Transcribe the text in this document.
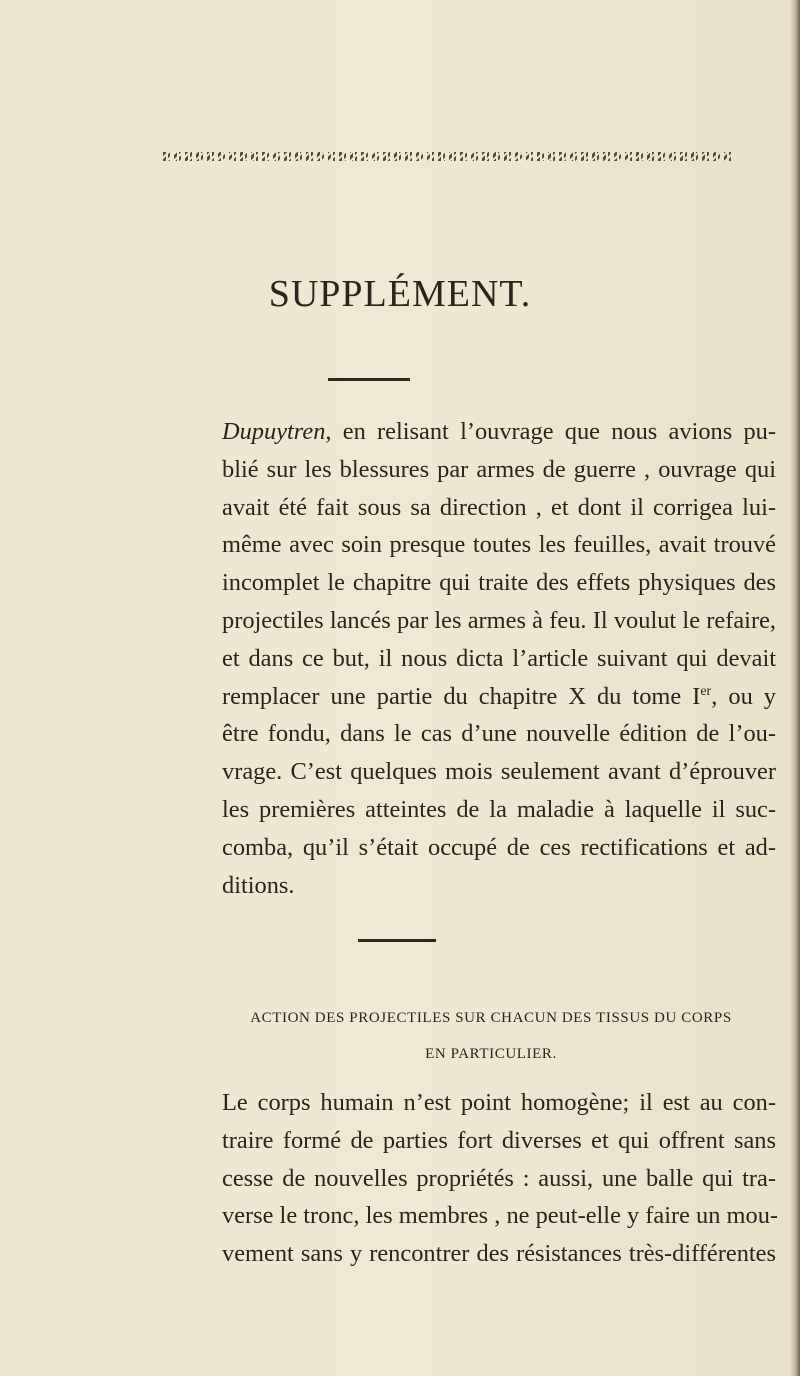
SUPPLÉMENT.
Dupuytren, en relisant l’ouvrage que nous avions pu-
blié sur les blessures par armes de guerre , ouvrage qui
avait été fait sous sa direction , et dont il corrigea lui-
même avec soin presque toutes les feuilles, avait trouvé
incomplet le chapitre qui traite des effets physiques des
projectiles lancés par les armes à feu. Il voulut le refaire,
et dans ce but, il nous dicta l’article suivant qui devait
remplacer une partie du chapitre X du tome Ier, ou y
être fondu, dans le cas d’une nouvelle édition de l’ou-
vrage. C’est quelques mois seulement avant d’éprouver
les premières atteintes de la maladie à laquelle il suc-
comba, qu’il s’était occupé de ces rectifications et ad-
ditions.
ACTION DES PROJECTILES SUR CHACUN DES TISSUS DU CORPS
EN PARTICULIER.
Le corps humain n’est point homogène; il est au con-
traire formé de parties fort diverses et qui offrent sans
cesse de nouvelles propriétés : aussi, une balle qui tra-
verse le tronc, les membres , ne peut-elle y faire un mou-
vement sans y rencontrer des résistances très-différentes
